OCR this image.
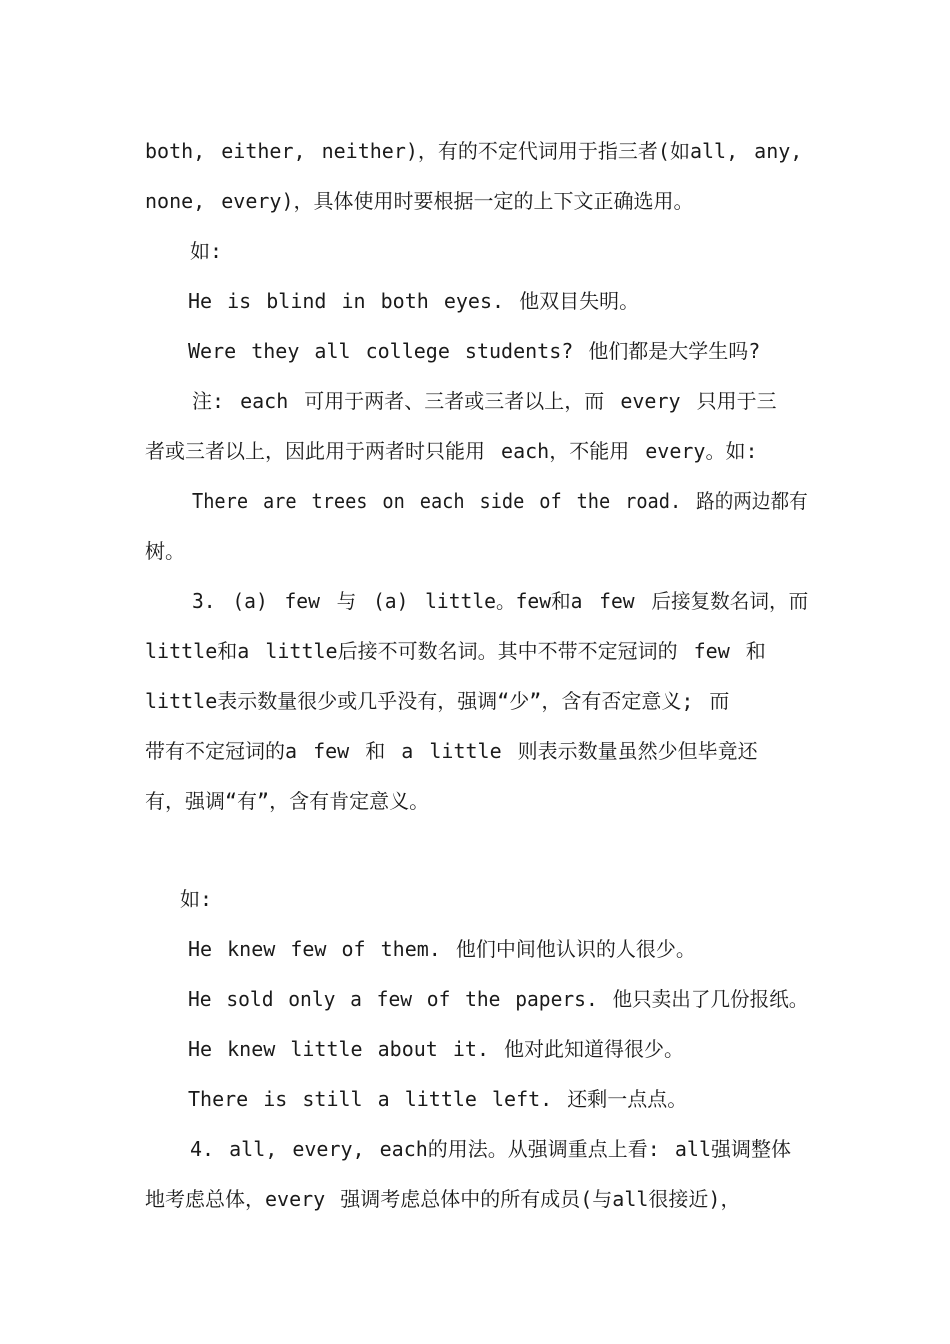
both, either, neither)，有的不定代词用于指三者(如all, any,
none, every)，具体使用时要根据一定的上下文正确选用。
如:
He is blind in both eyes. 他双目失明。
Were they all college students? 他们都是大学生吗?
注: each 可用于两者、三者或三者以上，而 every 只用于三
者或三者以上，因此用于两者时只能用 each，不能用 every。如:
There are trees on each side of the road. 路的两边都有
树。
3. (a) few 与 (a) little。few和a few 后接复数名词，而
little和a little后接不可数名词。其中不带不定冠词的 few 和
little表示数量很少或几乎没有，强调“少”，含有否定意义; 而
带有不定冠词的a few 和 a little 则表示数量虽然少但毕竟还
有，强调“有”，含有肯定意义。
如:
He knew few of them. 他们中间他认识的人很少。
He sold only a few of the papers. 他只卖出了几份报纸。
He knew little about it. 他对此知道得很少。
There is still a little left. 还剩一点点。
4. all, every, each的用法。从强调重点上看: all强调整体
地考虑总体，every 强调考虑总体中的所有成员(与all很接近)，
